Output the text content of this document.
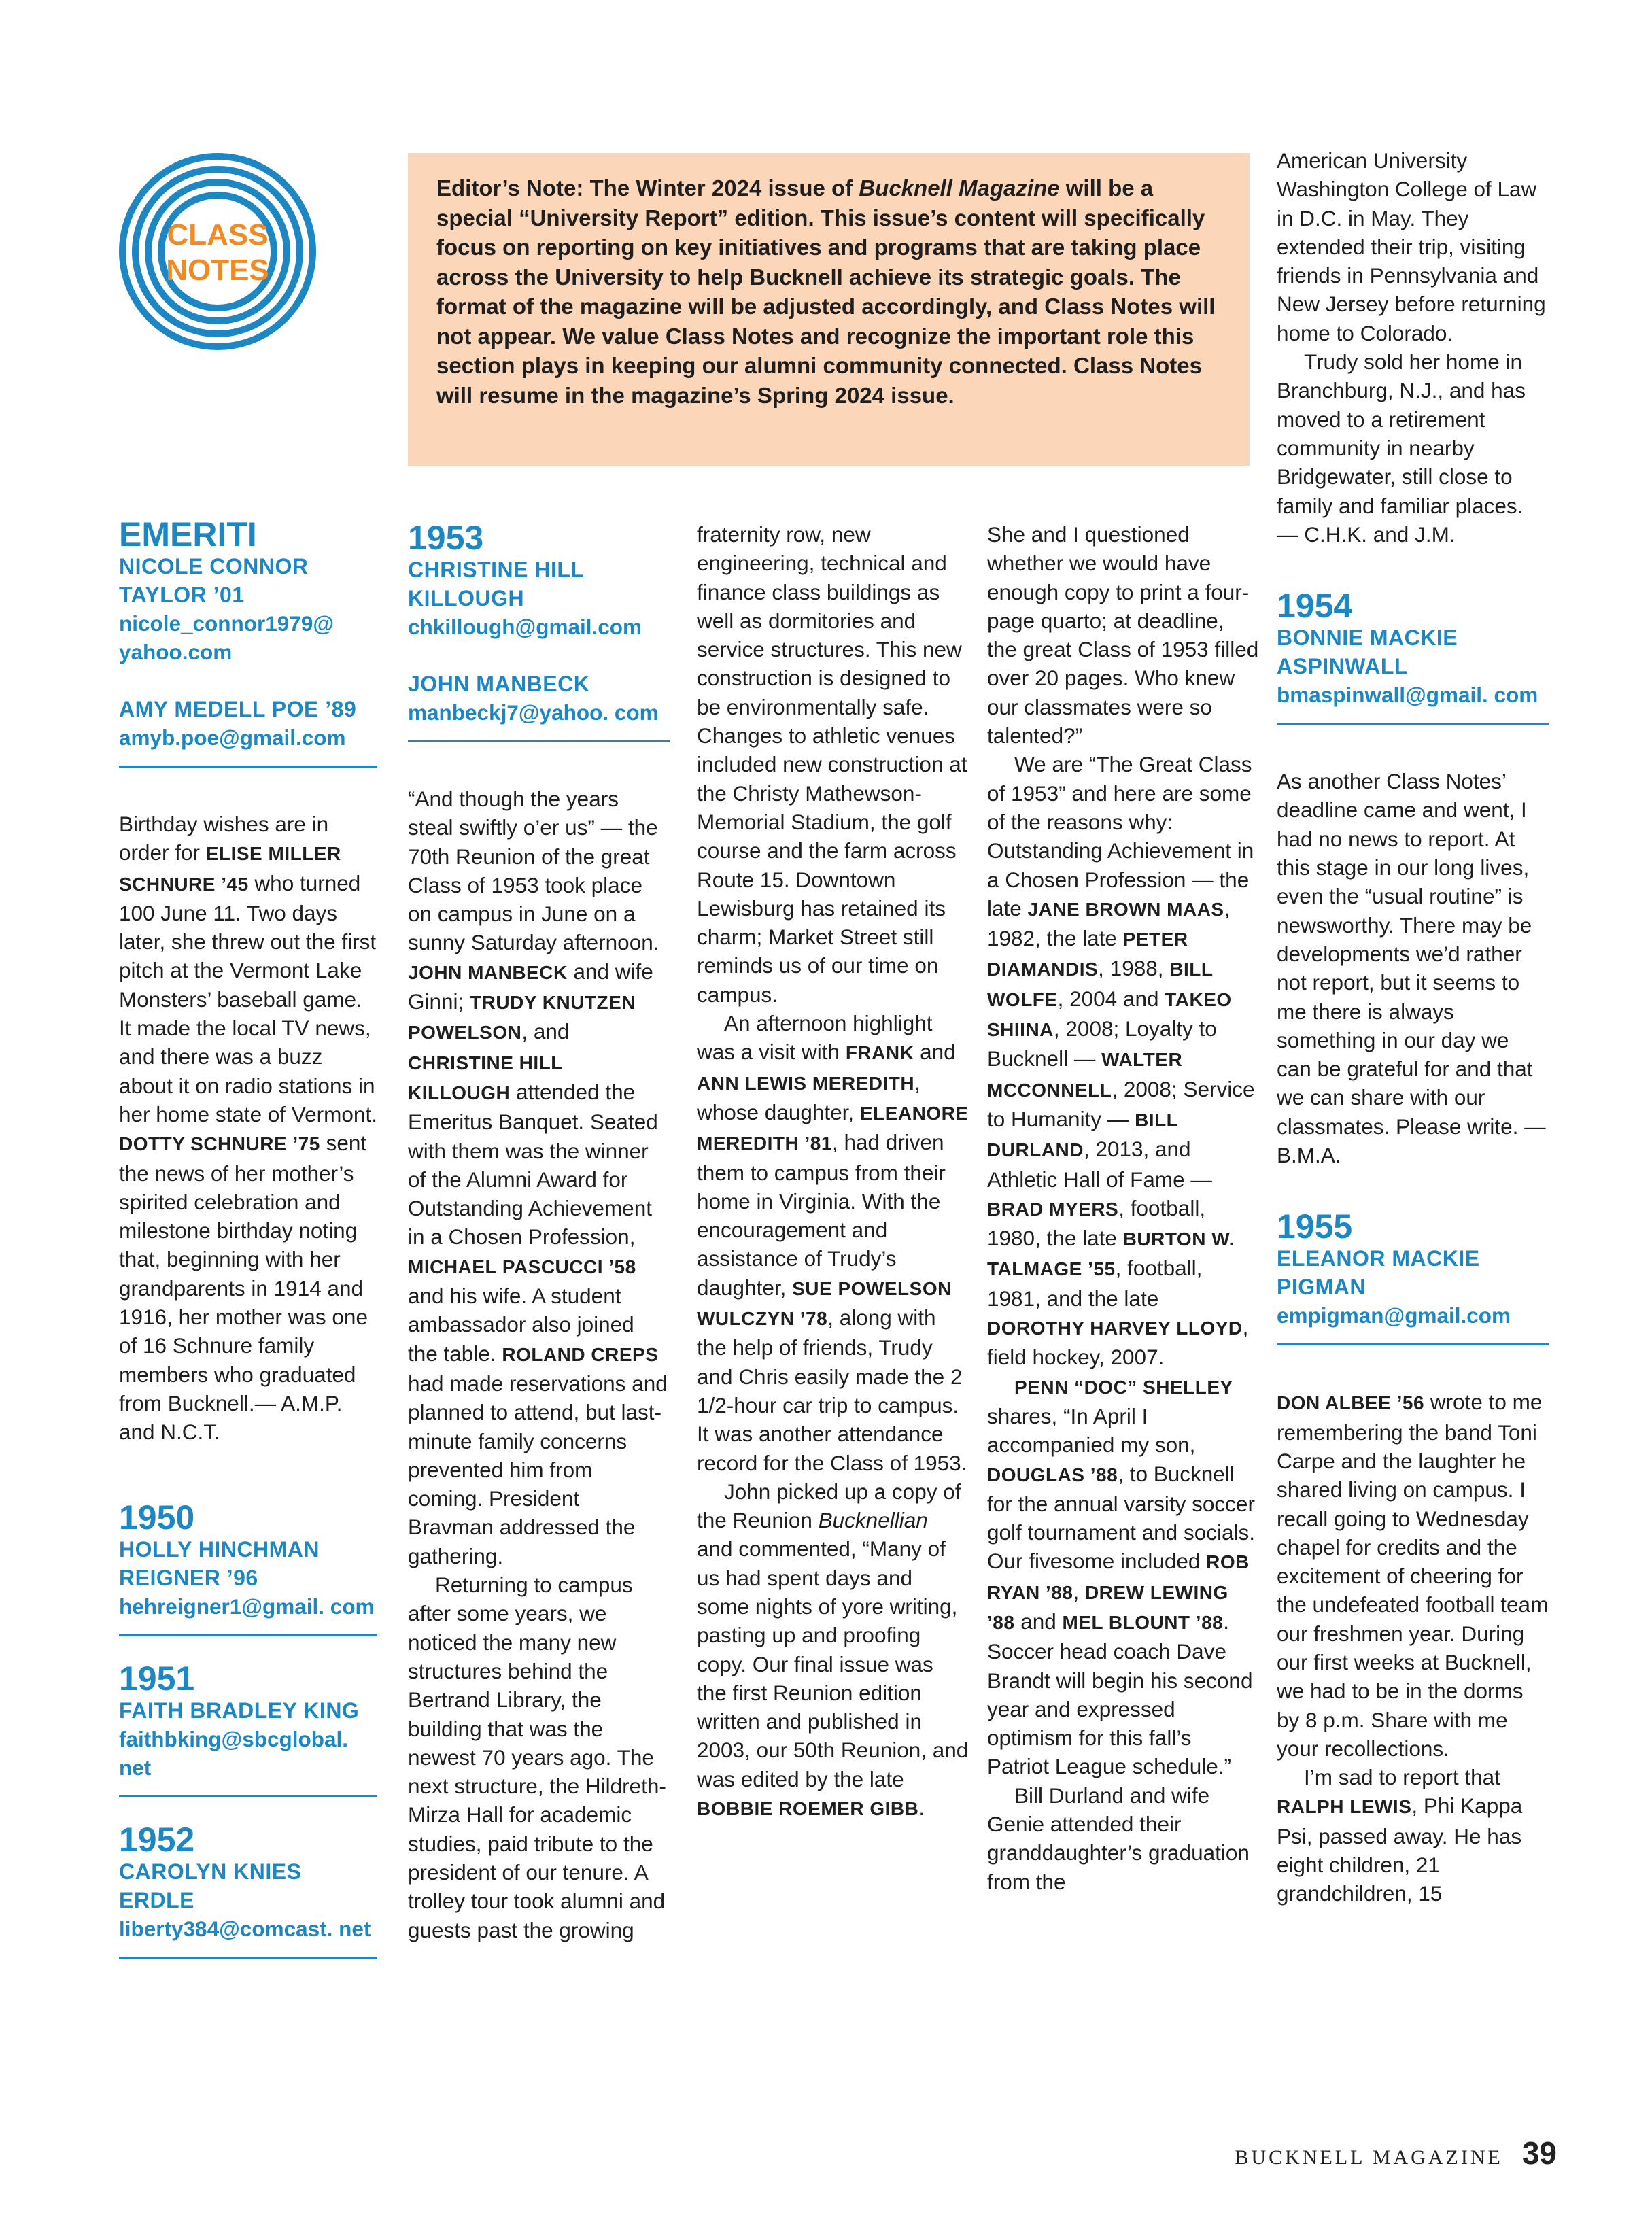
CLASS
NOTES
Editor’s Note: The Winter 2024 issue of Bucknell Magazine will be a special “University Report” edition. This issue’s content will specifically focus on reporting on key initiatives and programs that are taking place across the University to help Bucknell achieve its strategic goals. The format of the magazine will be adjusted accordingly, and Class Notes will not appear. We value Class Notes and recognize the important role this section plays in keeping our alumni community connected. Class Notes will resume in the magazine’s Spring 2024 issue.

EMERITI

NICOLE CONNOR TAYLOR ’01

nicole_connor1979@ yahoo.com

AMY MEDELL POE ’89

amyb.poe@gmail.com

Birthday wishes are in order for ELISE MILLER SCHNURE ’45 who turned 100 June 11. Two days later, she threw out the first pitch at the Vermont Lake Monsters’ baseball game. It made the local TV news, and there was a buzz about it on radio stations in her home state of Vermont. DOTTY SCHNURE ’75 sent the news of her mother’s spirited celebration and milestone birthday noting that, beginning with her grandparents in 1914 and 1916, her mother was one of 16 Schnure family members who graduated from Bucknell.— A.M.P. and N.C.T.

1950

HOLLY HINCHMAN REIGNER ’96

hehreigner1@gmail. com

1951

FAITH BRADLEY KING

faithbking@sbcglobal. net

1952

CAROLYN KNIES ERDLE

liberty384@comcast. net

1953

CHRISTINE HILL KILLOUGH

chkillough@gmail.com

JOHN MANBECK

manbeckj7@yahoo. com

“And though the years steal swiftly o’er us” — the 70th Reunion of the great Class of 1953 took place on campus in June on a sunny Saturday afternoon. JOHN MANBECK and wife Ginni; TRUDY KNUTZEN POWELSON, and CHRISTINE HILL KILLOUGH attended the Emeritus Banquet. Seated with them was the winner of the Alumni Award for Outstanding Achievement in a Chosen Profession, MICHAEL PASCUCCI ’58 and his wife. A student ambassador also joined the table. ROLAND CREPS had made reservations and planned to attend, but last-minute family concerns prevented him from coming. President Bravman addressed the gathering.

Returning to campus after some years, we noticed the many new structures behind the Bertrand Library, the building that was the newest 70 years ago. The next structure, the Hildreth-Mirza Hall for academic studies, paid tribute to the president of our tenure. A trolley tour took alumni and guests past the growing

fraternity row, new engineering, technical and finance class buildings as well as dormitories and service structures. This new construction is designed to be environmentally safe. Changes to athletic venues included new construction at the Christy Mathewson-Memorial Stadium, the golf course and the farm across Route 15. Downtown Lewisburg has retained its charm; Market Street still reminds us of our time on campus.

An afternoon highlight was a visit with FRANK and ANN LEWIS MEREDITH, whose daughter, ELEANORE MEREDITH ’81, had driven them to campus from their home in Virginia. With the encouragement and assistance of Trudy’s daughter, SUE POWELSON WULCZYN ’78, along with the help of friends, Trudy and Chris easily made the 2 1/2-hour car trip to campus. It was another attendance record for the Class of 1953.

John picked up a copy of the Reunion Bucknellian and commented, “Many of us had spent days and some nights of yore writing, pasting up and proofing copy. Our final issue was the first Reunion edition written and published in 2003, our 50th Reunion, and was edited by the late BOBBIE ROEMER GIBB.

She and I questioned whether we would have enough copy to print a four-page quarto; at deadline, the great Class of 1953 filled over 20 pages. Who knew our classmates were so talented?”

We are “The Great Class of 1953” and here are some of the reasons why: Outstanding Achievement in a Chosen Profession — the late JANE BROWN MAAS, 1982, the late PETER DIAMANDIS, 1988, BILL WOLFE, 2004 and TAKEO SHIINA, 2008; Loyalty to Bucknell — WALTER MCCONNELL, 2008; Service to Humanity — BILL DURLAND, 2013, and Athletic Hall of Fame — BRAD MYERS, football, 1980, the late BURTON W. TALMAGE ’55, football, 1981, and the late DOROTHY HARVEY LLOYD, field hockey, 2007.

PENN “DOC” SHELLEY shares, “In April I accompanied my son, DOUGLAS ’88, to Bucknell for the annual varsity soccer golf tournament and socials. Our fivesome included ROB RYAN ’88, DREW LEWING ’88 and MEL BLOUNT ’88. Soccer head coach Dave Brandt will begin his second year and expressed optimism for this fall’s Patriot League schedule.”

Bill Durland and wife Genie attended their granddaughter’s graduation from the

American University Washington College of Law in D.C. in May. They extended their trip, visiting friends in Pennsylvania and New Jersey before returning home to Colorado.

Trudy sold her home in Branchburg, N.J., and has moved to a retirement community in nearby Bridgewater, still close to family and familiar places. — C.H.K. and J.M.

1954

BONNIE MACKIE ASPINWALL

bmaspinwall@gmail. com

As another Class Notes’ deadline came and went, I had no news to report. At this stage in our long lives, even the “usual routine” is newsworthy. There may be developments we’d rather not report, but it seems to me there is always something in our day we can be grateful for and that we can share with our classmates. Please write. — B.M.A.

1955

ELEANOR MACKIE PIGMAN

empigman@gmail.com

DON ALBEE ’56 wrote to me remembering the band Toni Carpe and the laughter he shared living on campus. I recall going to Wednesday chapel for credits and the excitement of cheering for the undefeated football team our freshmen year. During our first weeks at Bucknell, we had to be in the dorms by 8 p.m. Share with me your recollections.

I’m sad to report that RALPH LEWIS, Phi Kappa Psi, passed away. He has eight children, 21 grandchildren, 15

BUCKNELL MAGAZINE 39
